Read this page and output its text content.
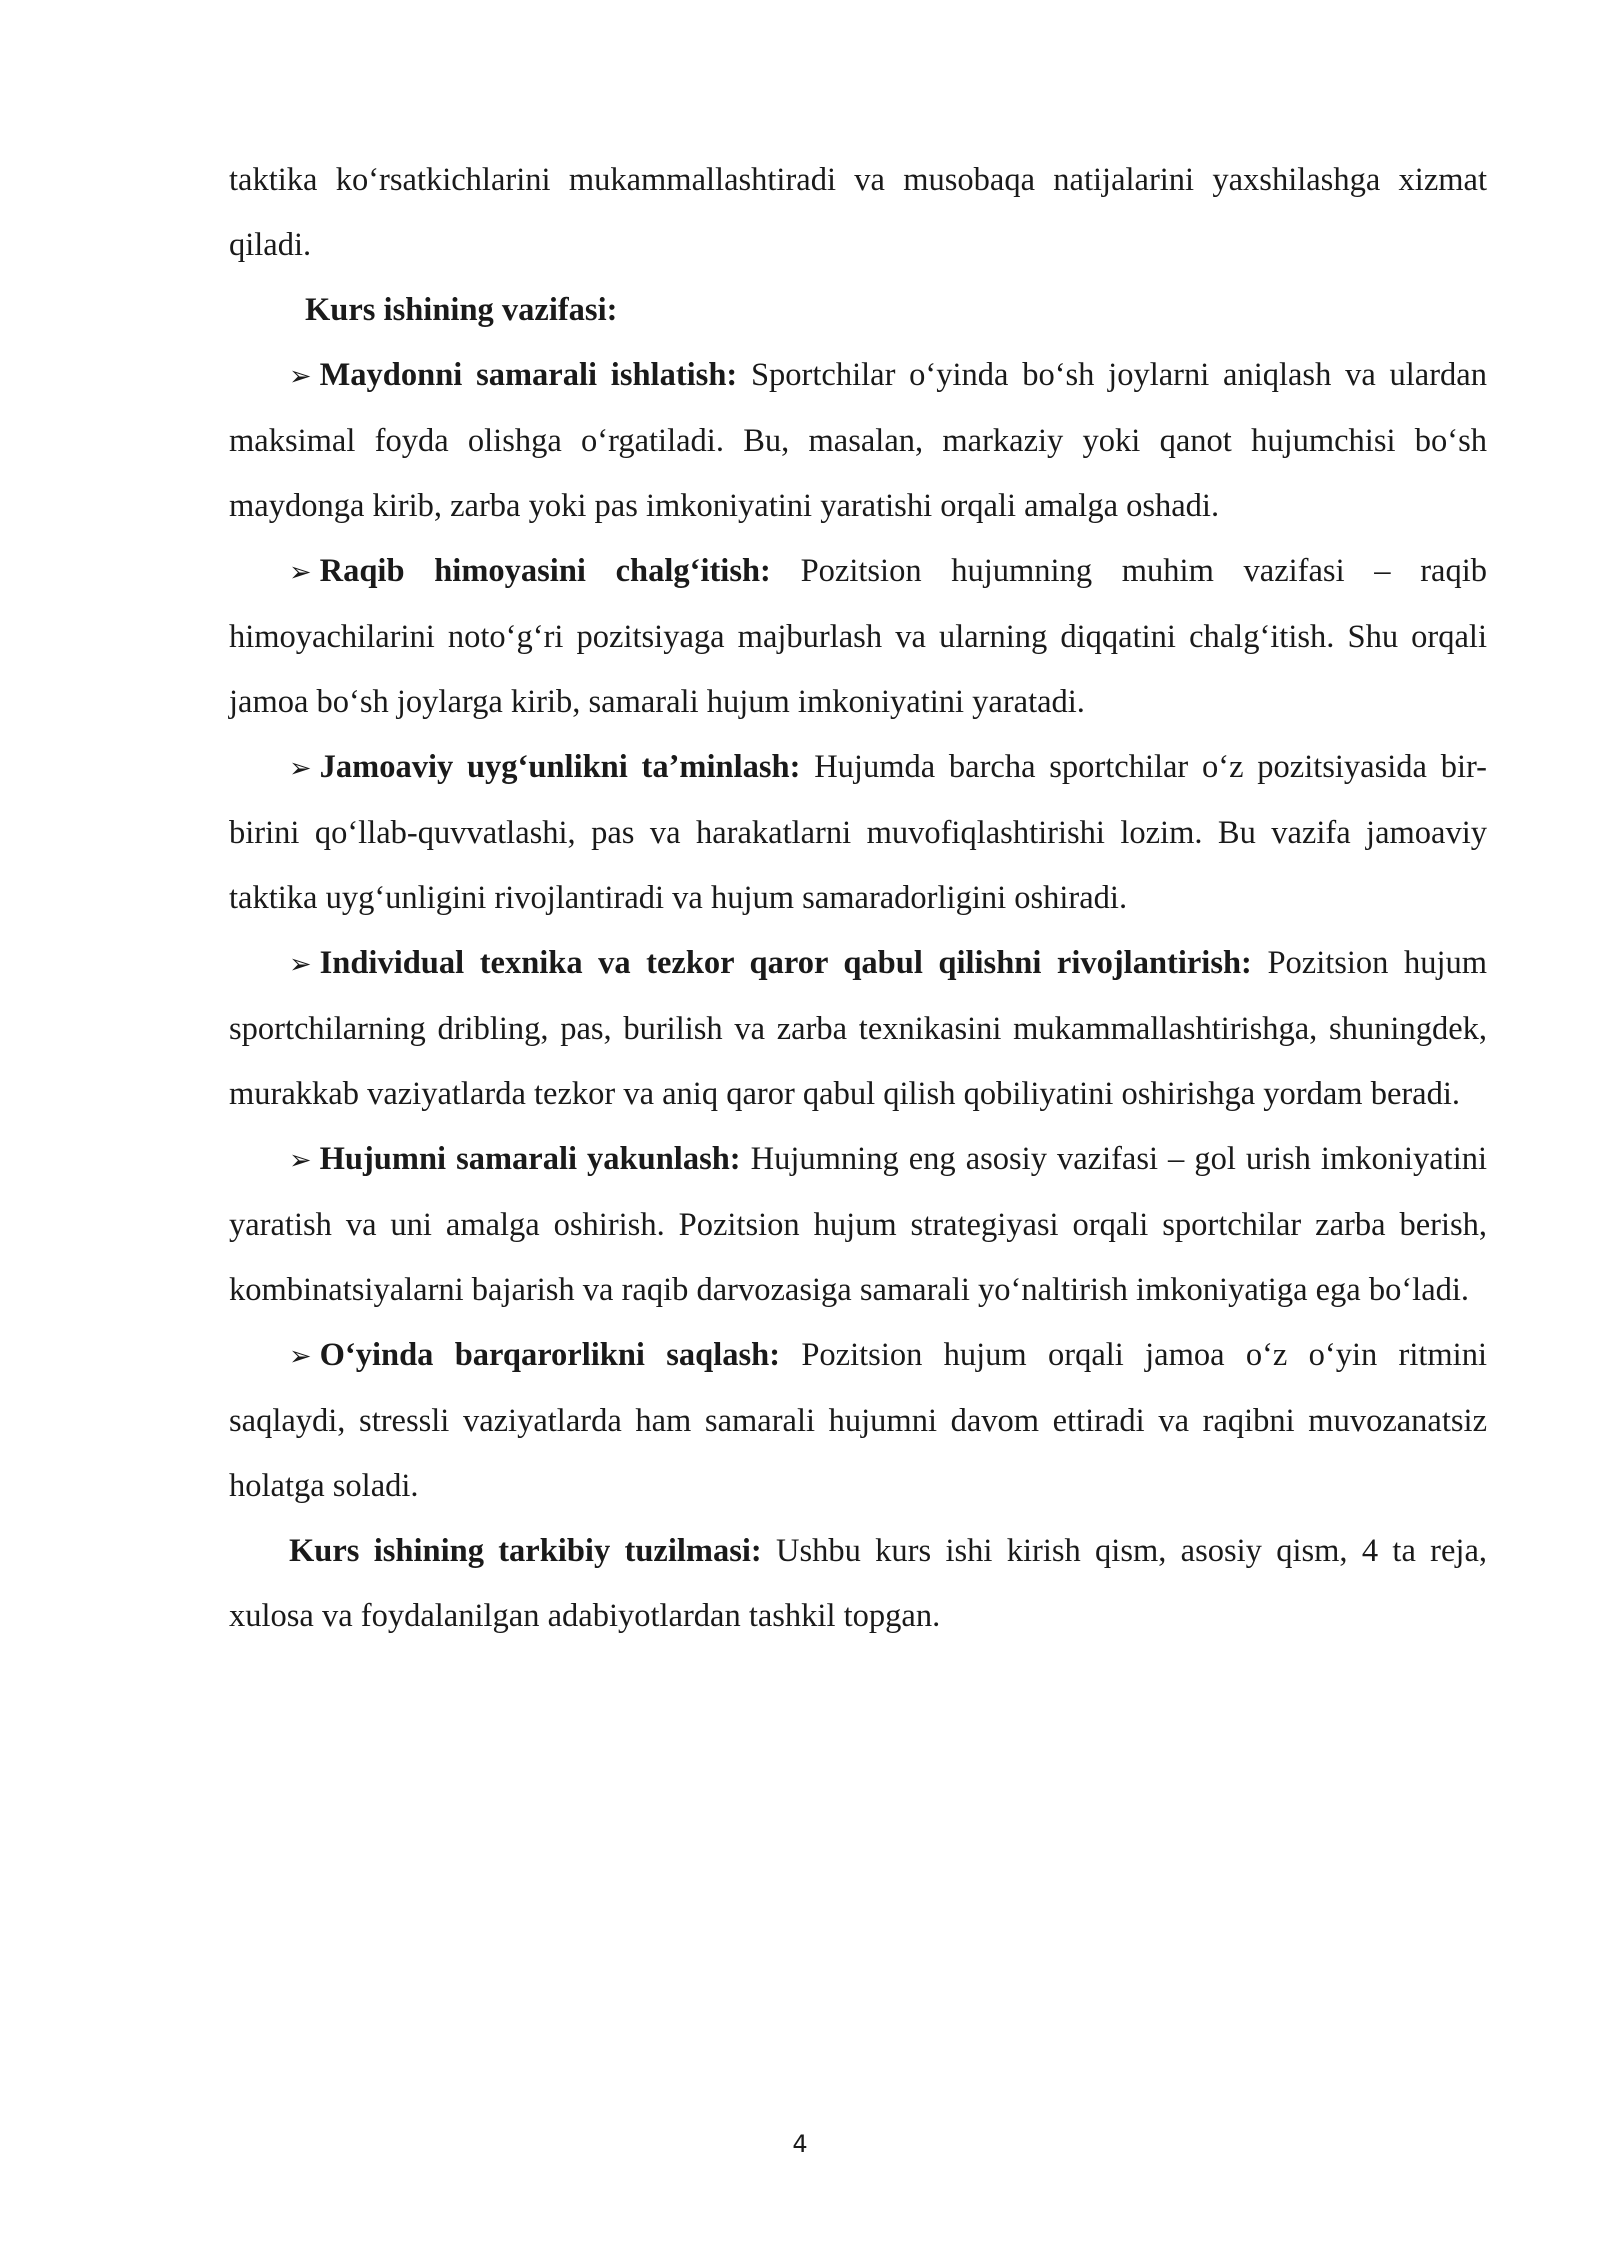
taktika koʻrsatkichlarini mukammallashtiradi va musobaqa natijalarini yaxshilashga xizmat qiladi.

Kurs ishining vazifasi:

➢ Maydonni samarali ishlatish: Sportchilar oʻyinda boʻsh joylarni aniqlash va ulardan maksimal foyda olishga oʻrgatiladi. Bu, masalan, markaziy yoki qanot hujumchisi boʻsh maydonga kirib, zarba yoki pas imkoniyatini yaratishi orqali amalga oshadi.

➢ Raqib himoyasini chalgʻitish: Pozitsion hujumning muhim vazifasi – raqib himoyachilarini notoʻgʻri pozitsiyaga majburlash va ularning diqqatini chalgʻitish. Shu orqali jamoa boʻsh joylarga kirib, samarali hujum imkoniyatini yaratadi.

➢ Jamoaviy uygʻunlikni taʼminlash: Hujumda barcha sportchilar oʻz pozitsiyasida bir-birini qoʻllab-quvvatlashi, pas va harakatlarni muvofiqlashtirishi lozim. Bu vazifa jamoaviy taktika uygʻunligini rivojlantiradi va hujum samaradorligini oshiradi.

➢ Individual texnika va tezkor qaror qabul qilishni rivojlantirish: Pozitsion hujum sportchilarning dribling, pas, burilish va zarba texnikasini mukammallashtirishga, shuningdek, murakkab vaziyatlarda tezkor va aniq qaror qabul qilish qobiliyatini oshirishga yordam beradi.

➢ Hujumni samarali yakunlash: Hujumning eng asosiy vazifasi – gol urish imkoniyatini yaratish va uni amalga oshirish. Pozitsion hujum strategiyasi orqali sportchilar zarba berish, kombinatsiyalarni bajarish va raqib darvozasiga samarali yoʻnaltirish imkoniyatiga ega boʻladi.

➢ Oʻyinda barqarorlikni saqlash: Pozitsion hujum orqali jamoa oʻz oʻyin ritmini saqlaydi, stressli vaziyatlarda ham samarali hujumni davom ettiradi va raqibni muvozanatsiz holatga soladi.

Kurs ishining tarkibiy tuzilmasi: Ushbu kurs ishi kirish qism, asosiy qism, 4 ta reja, xulosa va foydalanilgan adabiyotlardan tashkil topgan.

4
